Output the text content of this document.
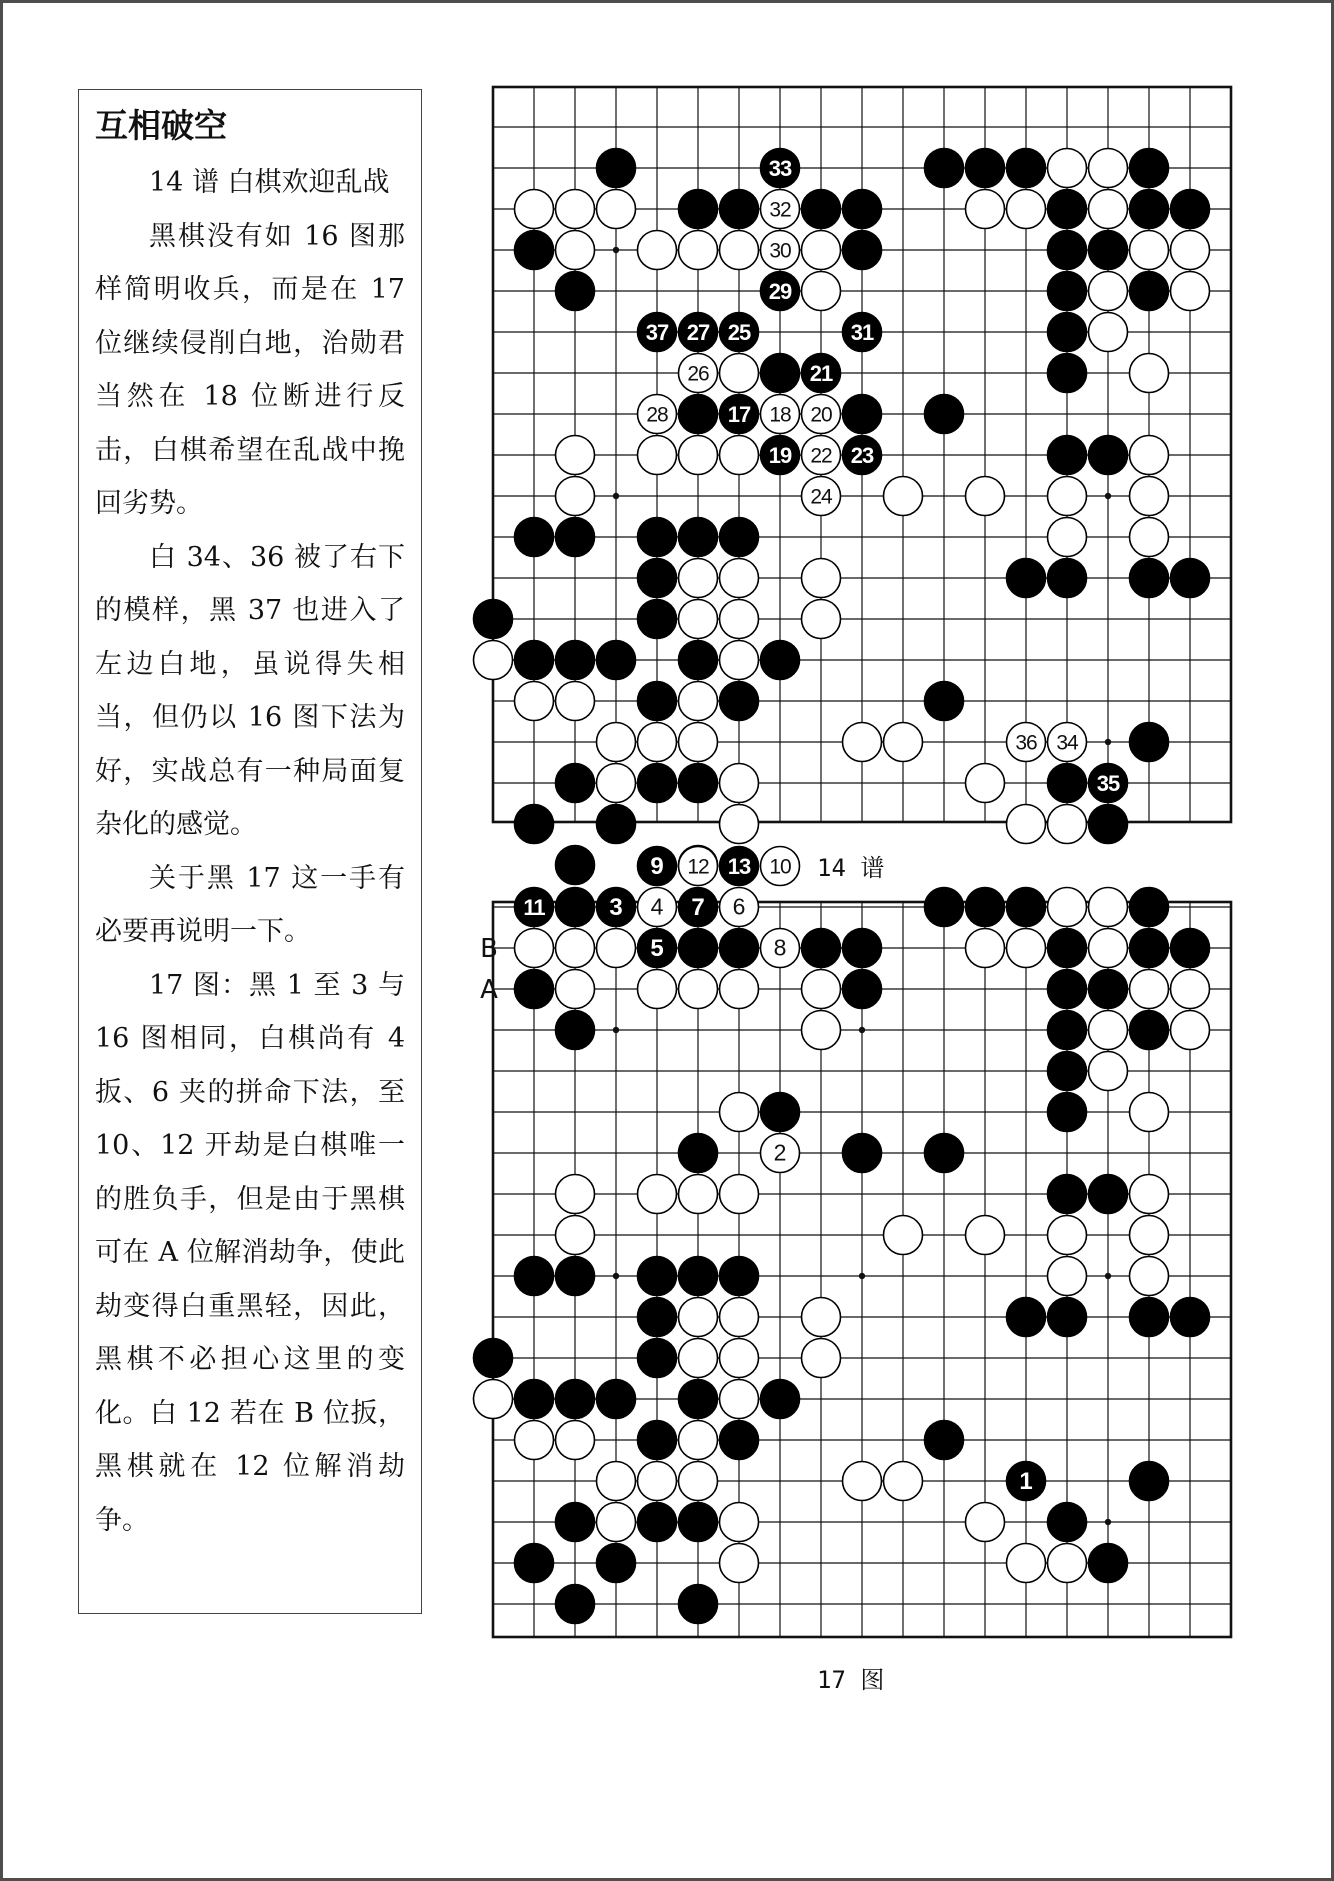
互相破空

14 谱 白棋欢迎乱战

黑棋没有如 16 图那样简明收兵，而是在 17 位继续侵削白地，治勋君当然在 18 位断进行反击，白棋希望在乱战中挽回劣势。

白 34、36 被了右下的模样，黑 37 也进入了左边白地，虽说得失相当，但仍以 16 图下法为好，实战总有一种局面复杂化的感觉。

关于黑 17 这一手有必要再说明一下。

17 图：黑 1 至 3 与 16 图相同，白棋尚有 4 扳、6 夹的拼命下法，至 10、12 开劫是白棋唯一的胜负手，但是由于黑棋可在 A 位解消劫争，使此劫变得白重黑轻，因此，黑棋不必担心这里的变化。白 12 若在 B 位扳，黑棋就在 12 位解消劫争。

33
32
30
29
37 27 25	31
26	21
28	17 18 20
19 22 23
24
36 34
35
14 谱
B
A
9 12 13 10
11	3 4 7 6
5	8
2
1
17 图
